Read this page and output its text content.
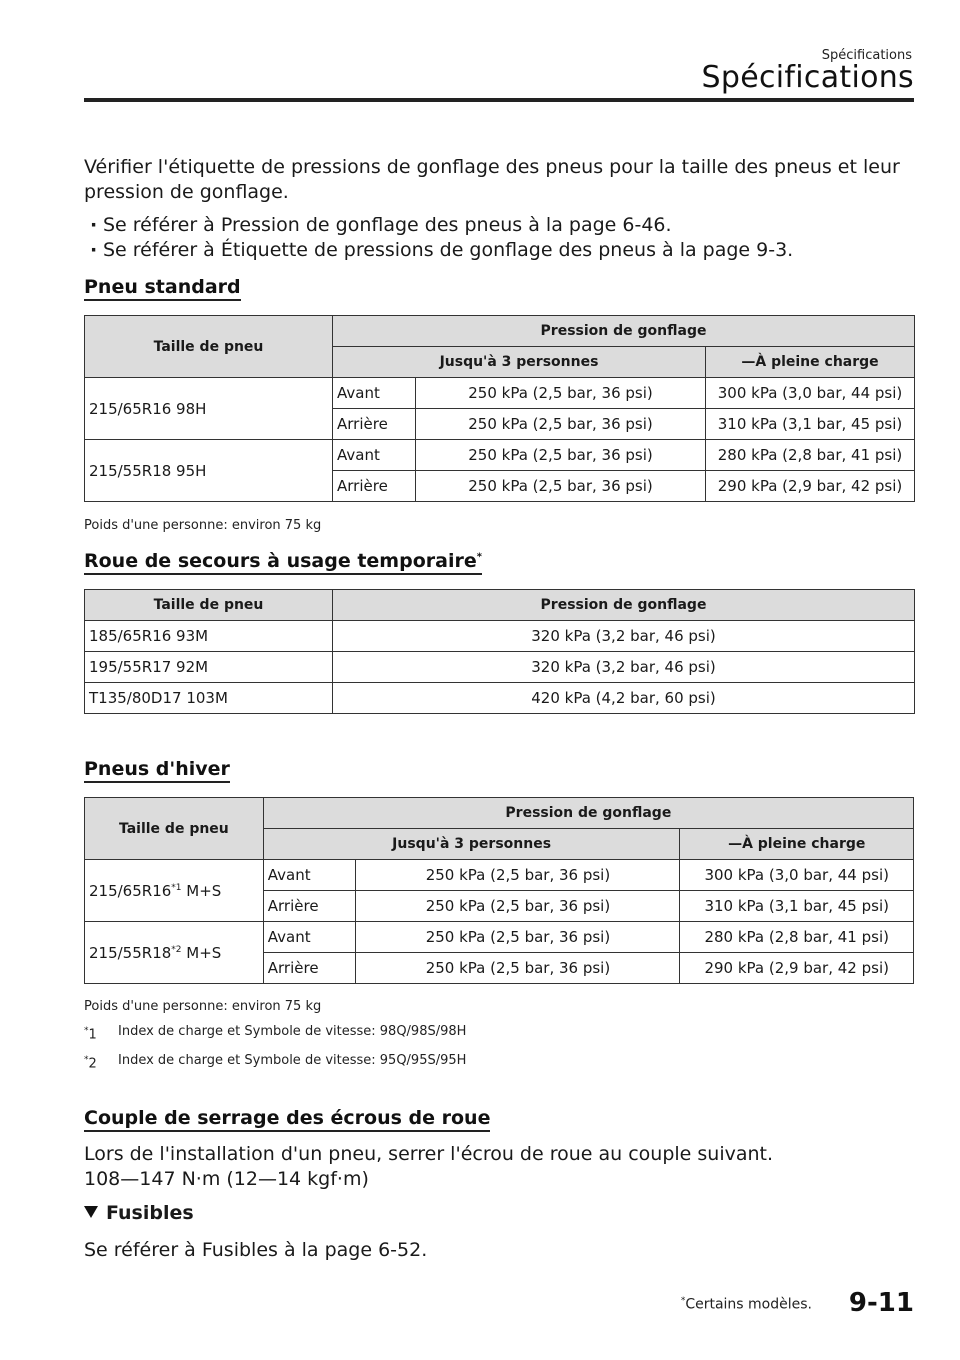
Spécifications
Spécifications

Vérifier l'étiquette de pressions de gonflage des pneus pour la taille des pneus et leur pression de gonflage.

· Se référer à Pression de gonflage des pneus à la page 6-46.
· Se référer à Étiquette de pressions de gonflage des pneus à la page 9-3.
Pneu standard
Taille de pneu	Pression de gonflage		
	Jusqu'à 3 personnes		—À pleine charge
215/65R16 98H	Avant	250 kPa (2,5 bar, 36 psi)	300 kPa (3,0 bar, 44 psi)
	Arrière	250 kPa (2,5 bar, 36 psi)	310 kPa (3,1 bar, 45 psi)
215/55R18 95H	Avant	250 kPa (2,5 bar, 36 psi)	280 kPa (2,8 bar, 41 psi)
	Arrière	250 kPa (2,5 bar, 36 psi)	290 kPa (2,9 bar, 42 psi)

Poids d'une personne: environ 75 kg

Roue de secours à usage temporaire*
Taille de pneu	Pression de gonflage
185/65R16 93M	320 kPa (3,2 bar, 46 psi)
195/55R17 92M	320 kPa (3,2 bar, 46 psi)
T135/80D17 103M	420 kPa (4,2 bar, 60 psi)
Pneus d'hiver
Taille de pneu	Pression de gonflage		
	Jusqu'à 3 personnes		—À pleine charge
215/65R16$^{*1}$ M+S	Avant	250 kPa (2,5 bar, 36 psi)	300 kPa (3,0 bar, 44 psi)
	Arrière	250 kPa (2,5 bar, 36 psi)	310 kPa (3,1 bar, 45 psi)
215/55R18$^{*2}$ M+S	Avant	250 kPa (2,5 bar, 36 psi)	280 kPa (2,8 bar, 41 psi)
	Arrière	250 kPa (2,5 bar, 36 psi)	290 kPa (2,9 bar, 42 psi)

Poids d'une personne: environ 75 kg

*1	Index de charge et Symbole de vitesse: 98Q/98S/98H
*2	Index de charge et Symbole de vitesse: 95Q/95S/95H
Couple de serrage des écrous de roue

Lors de l'installation d'un pneu, serrer l'écrou de roue au couple suivant.

108—147 N·m (12—14 kgf·m)

Fusibles

Se référer à Fusibles à la page 6-52.

*Certains modèles. 9-11
